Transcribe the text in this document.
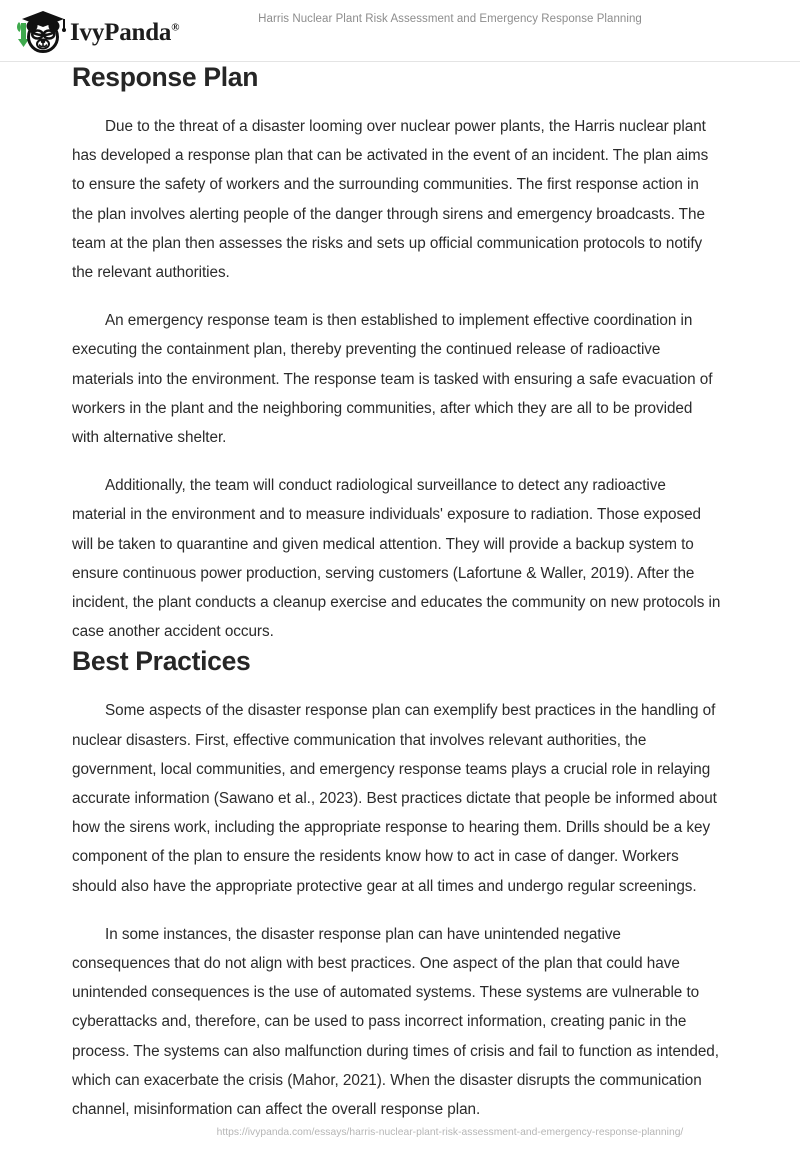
IvyPanda®
Harris Nuclear Plant Risk Assessment and Emergency Response Planning
Response Plan

Due to the threat of a disaster looming over nuclear power plants, the Harris nuclear plant has developed a response plan that can be activated in the event of an incident. The plan aims to ensure the safety of workers and the surrounding communities. The first response action in the plan involves alerting people of the danger through sirens and emergency broadcasts. The team at the plan then assesses the risks and sets up official communication protocols to notify the relevant authorities.

An emergency response team is then established to implement effective coordination in executing the containment plan, thereby preventing the continued release of radioactive materials into the environment. The response team is tasked with ensuring a safe evacuation of workers in the plant and the neighboring communities, after which they are all to be provided with alternative shelter.

Additionally, the team will conduct radiological surveillance to detect any radioactive material in the environment and to measure individuals' exposure to radiation. Those exposed will be taken to quarantine and given medical attention. They will provide a backup system to ensure continuous power production, serving customers (Lafortune & Waller, 2019). After the incident, the plant conducts a cleanup exercise and educates the community on new protocols in case another accident occurs.

Best Practices

Some aspects of the disaster response plan can exemplify best practices in the handling of nuclear disasters. First, effective communication that involves relevant authorities, the government, local communities, and emergency response teams plays a crucial role in relaying accurate information (Sawano et al., 2023). Best practices dictate that people be informed about how the sirens work, including the appropriate response to hearing them. Drills should be a key component of the plan to ensure the residents know how to act in case of danger. Workers should also have the appropriate protective gear at all times and undergo regular screenings.

In some instances, the disaster response plan can have unintended negative consequences that do not align with best practices. One aspect of the plan that could have unintended consequences is the use of automated systems. These systems are vulnerable to cyberattacks and, therefore, can be used to pass incorrect information, creating panic in the process. The systems can also malfunction during times of crisis and fail to function as intended, which can exacerbate the crisis (Mahor, 2021). When the disaster disrupts the communication channel, misinformation can affect the overall response plan.

https://ivypanda.com/essays/harris-nuclear-plant-risk-assessment-and-emergency-response-planning/
